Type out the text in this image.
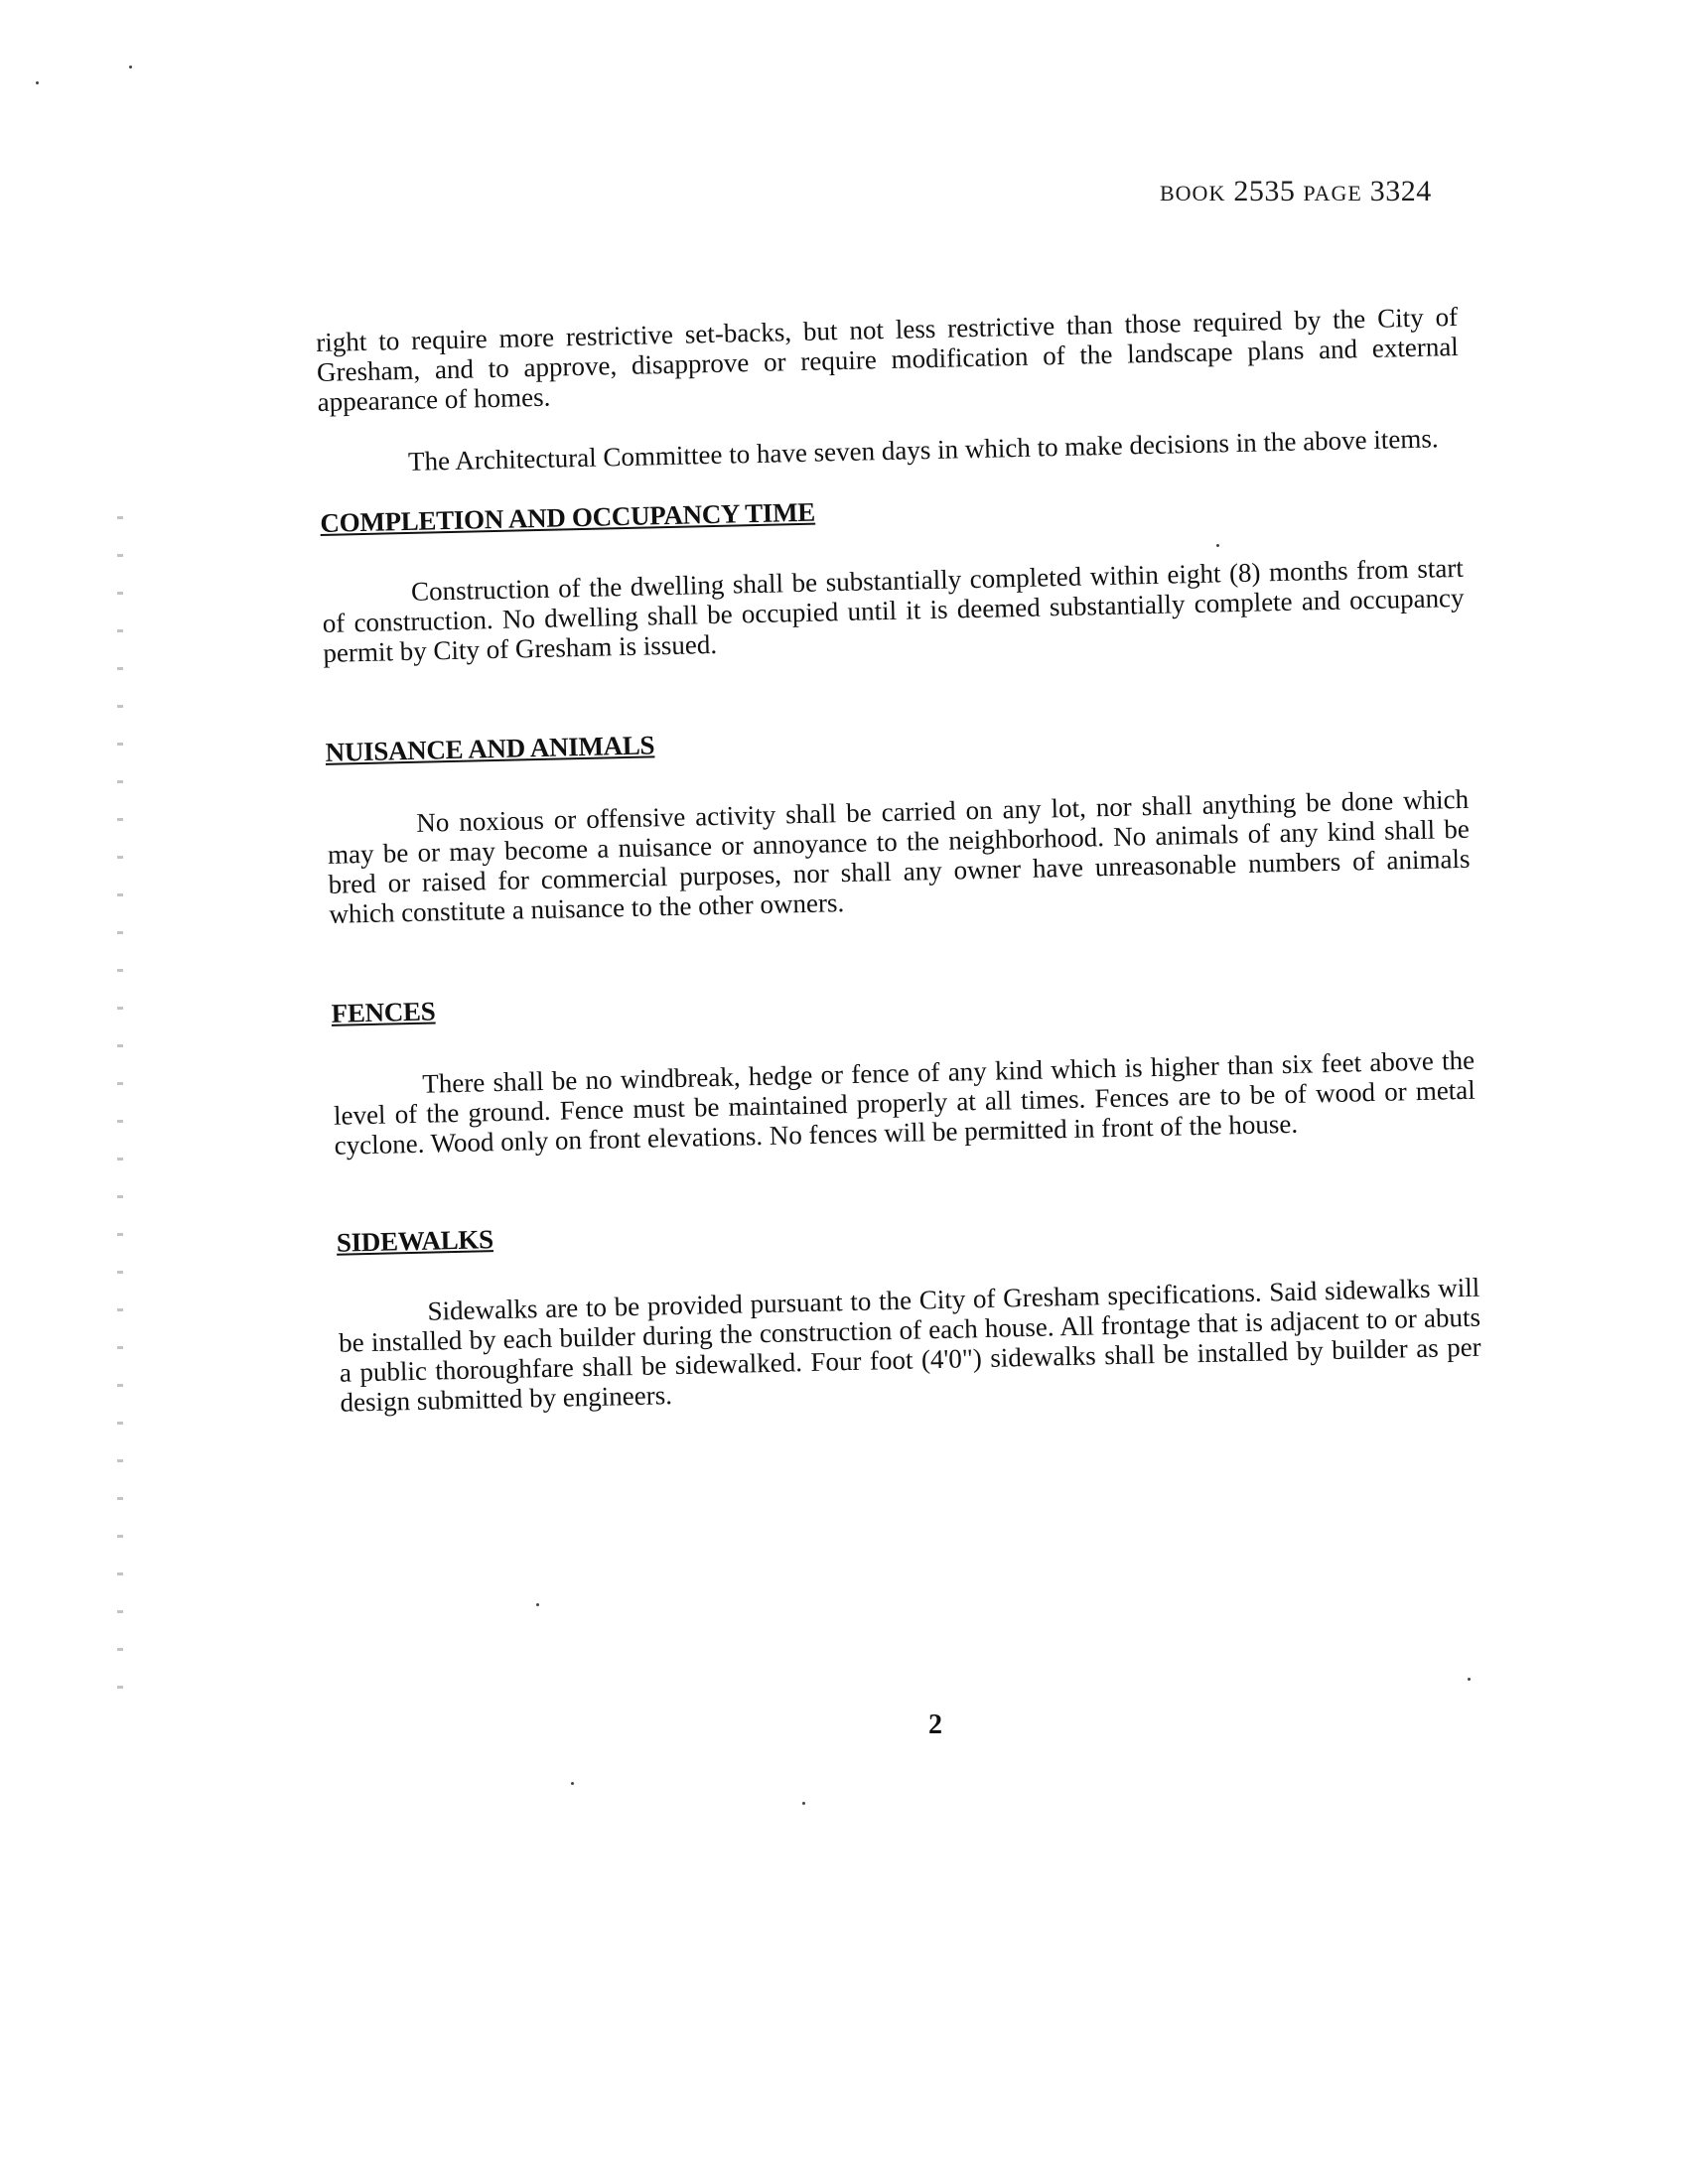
BOOK 2535 PAGE 3324

right to require more restrictive set-backs, but not less restrictive than those required by the City of Gresham, and to approve, disapprove or require modification of the landscape plans and external appearance of homes.

The Architectural Committee to have seven days in which to make decisions in the above items.

COMPLETION AND OCCUPANCY TIME

Construction of the dwelling shall be substantially completed within eight (8) months from start of construction. No dwelling shall be occupied until it is deemed substantially complete and occupancy permit by City of Gresham is issued.

NUISANCE AND ANIMALS

No noxious or offensive activity shall be carried on any lot, nor shall anything be done which may be or may become a nuisance or annoyance to the neighborhood. No animals of any kind shall be bred or raised for commercial purposes, nor shall any owner have unreasonable numbers of animals which constitute a nuisance to the other owners.

FENCES

There shall be no windbreak, hedge or fence of any kind which is higher than six feet above the level of the ground. Fence must be maintained properly at all times. Fences are to be of wood or metal cyclone. Wood only on front elevations. No fences will be permitted in front of the house.

SIDEWALKS

Sidewalks are to be provided pursuant to the City of Gresham specifications. Said sidewalks will be installed by each builder during the construction of each house. All frontage that is adjacent to or abuts a public thoroughfare shall be sidewalked. Four foot (4'0") sidewalks shall be installed by builder as per design submitted by engineers.

2
